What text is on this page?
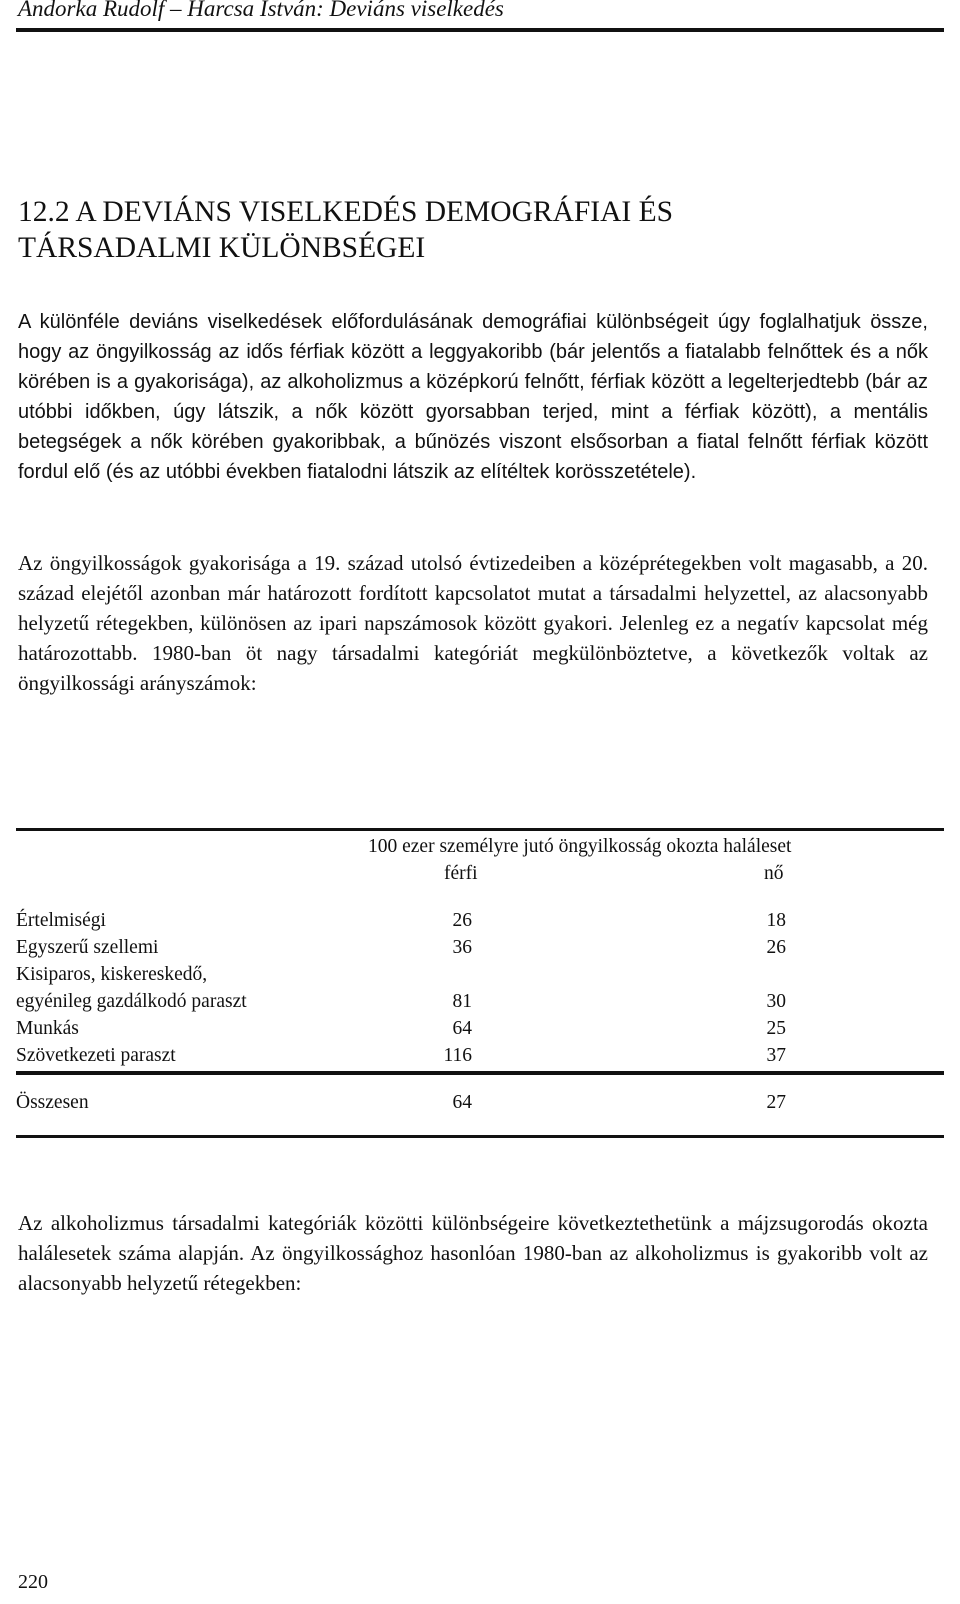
Andorka Rudolf – Harcsa István: Deviáns viselkedés
12.2 A DEVIÁNS VISELKEDÉS DEMOGRÁFIAI ÉS
TÁRSADALMI KÜLÖNBSÉGEI

A különféle deviáns viselkedések előfordulásának demográfiai különbségeit úgy foglalhatjuk össze, hogy az öngyilkosság az idős férfiak között a leggyakoribb (bár jelentős a fiatalabb felnőttek és a nők körében is a gyakorisága), az alkoholizmus a középkorú felnőtt, férfiak között a legelterjedtebb (bár az utóbbi időkben, úgy látszik, a nők között gyorsabban terjed, mint a férfiak között), a mentális betegségek a nők körében gyakoribbak, a bűnözés viszont elsősorban a fiatal felnőtt férfiak között fordul elő (és az utóbbi években fiatalodni látszik az elítéltek korösszetétele).

Az öngyilkosságok gyakorisága a 19. század utolsó évtizedeiben a középrétegekben volt magasabb, a 20. század elejétől azonban már határozott fordított kapcsolatot mutat a társadalmi helyzettel, az alacsonyabb helyzetű rétegekben, különösen az ipari napszámosok között gyakori. Jelenleg ez a negatív kapcsolat még határozottabb. 1980-ban öt nagy társadalmi kategóriát megkülönböztetve, a következők voltak az öngyilkossági arányszámok:

100 ezer személyre jutó öngyilkosság okozta haláleset
férfi	nő
Értelmiségi	26	18
Egyszerű szellemi	36	26
Kisiparos, kiskereskedő,
egyénileg gazdálkodó paraszt	81	30
Munkás	64	25
Szövetkezeti paraszt	116	37
Összesen	64	27

Az alkoholizmus társadalmi kategóriák közötti különbségeire következtethetünk a májzsugorodás okozta halálesetek száma alapján. Az öngyilkossághoz hasonlóan 1980-ban az alkoholizmus is gyakoribb volt az alacsonyabb helyzetű rétegekben:

220
